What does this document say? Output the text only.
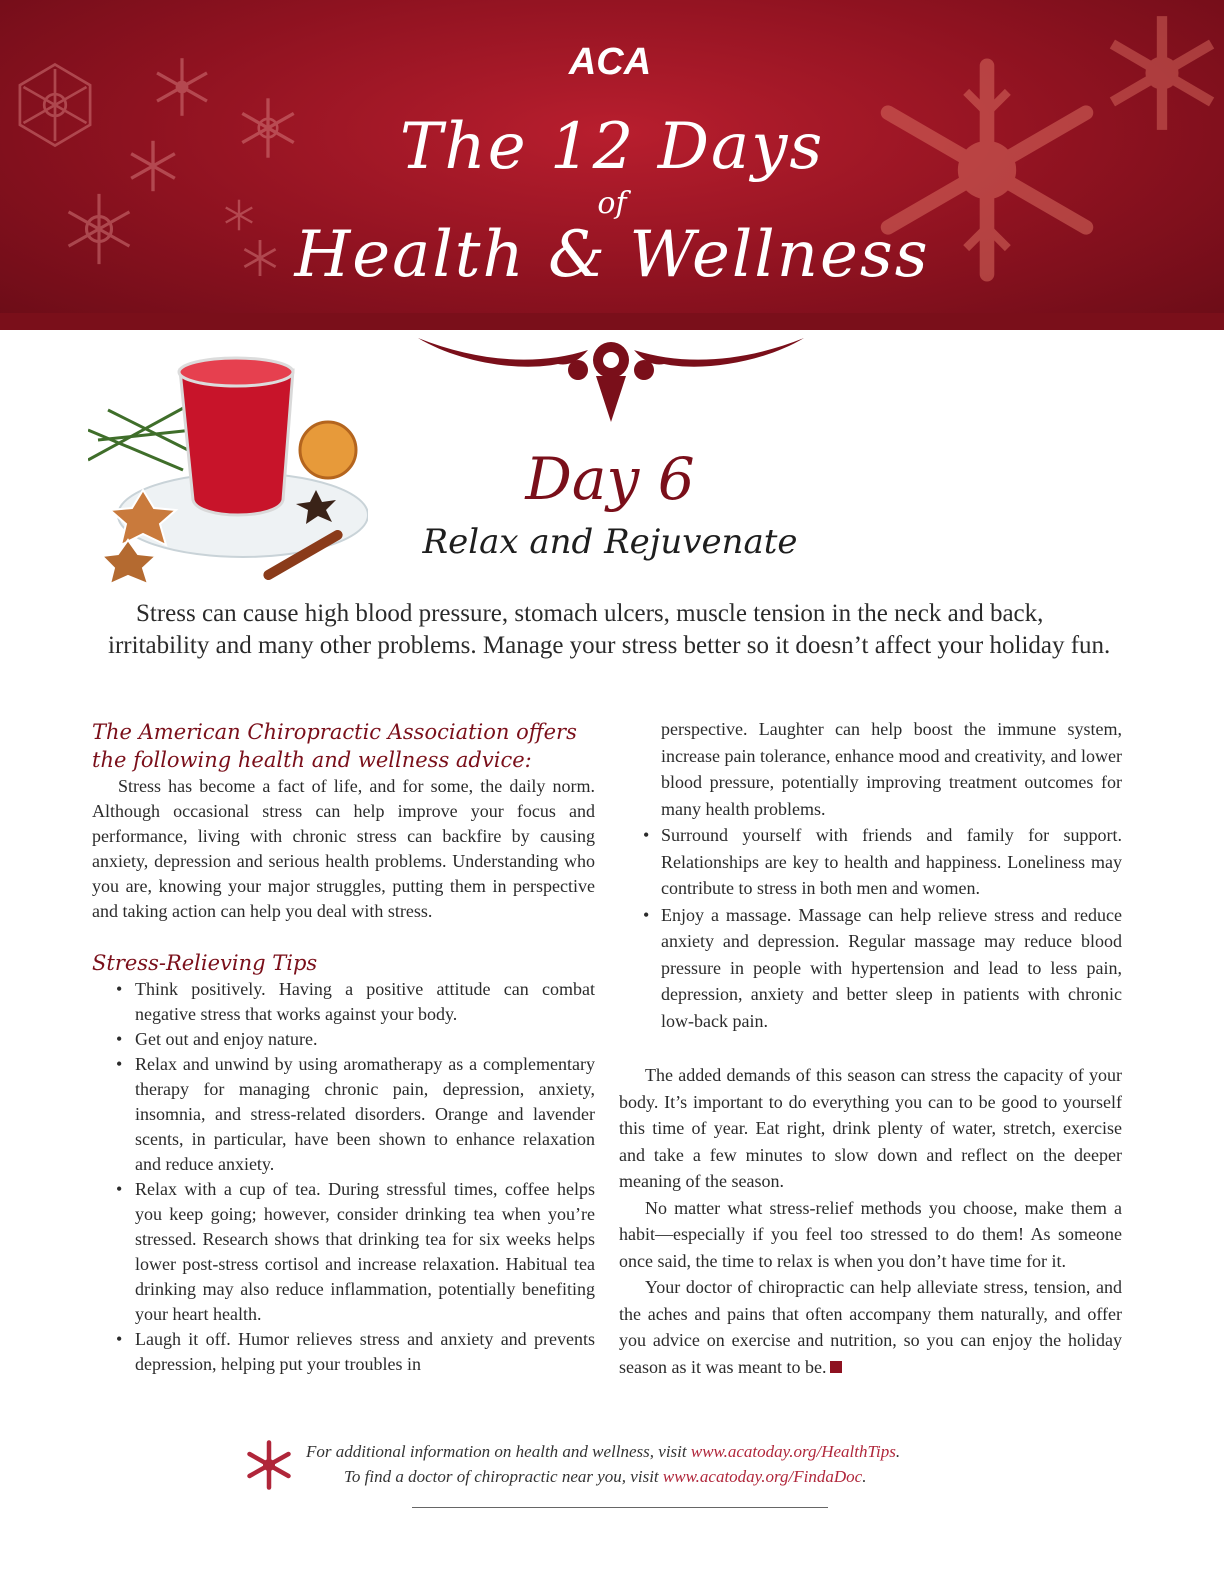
ACA
The 12 Days
of
Health & Wellness
Day 6
Relax and Rejuvenate
Stress can cause high blood pressure, stomach ulcers, muscle tension in the neck and back, irritability and many other problems. Manage your stress better so it doesn’t affect your holiday fun.
The American Chiropractic Association offers
the following health and wellness advice:
Stress has become a fact of life, and for some, the daily norm. Although occasional stress can help improve your focus and performance, living with chronic stress can backfire by causing anxiety, depression and serious health problems. Understanding who you are, knowing your major struggles, putting them in perspective and taking action can help you deal with stress.
Stress-Relieving Tips
• Think positively. Having a positive attitude can combat negative stress that works against your body.
• Get out and enjoy nature.
• Relax and unwind by using aromatherapy as a complementary therapy for managing chronic pain, depression, anxiety, insomnia, and stress-related disorders. Orange and lavender scents, in particular, have been shown to enhance relaxation and reduce anxiety.
• Relax with a cup of tea. During stressful times, coffee helps you keep going; however, consider drinking tea when you’re stressed. Research shows that drinking tea for six weeks helps lower post-stress cortisol and increase relaxation. Habitual tea drinking may also reduce inflammation, potentially benefiting your heart health.
• Laugh it off. Humor relieves stress and anxiety and prevents depression, helping put your troubles in
perspective. Laughter can help boost the immune system, increase pain tolerance, enhance mood and creativity, and lower blood pressure, potentially improving treatment outcomes for many health problems.
• Surround yourself with friends and family for support. Relationships are key to health and happiness. Loneliness may contribute to stress in both men and women.
• Enjoy a massage. Massage can help relieve stress and reduce anxiety and depression. Regular massage may reduce blood pressure in people with hypertension and lead to less pain, depression, anxiety and better sleep in patients with chronic low-back pain.
The added demands of this season can stress the capacity of your body. It’s important to do everything you can to be good to yourself this time of year. Eat right, drink plenty of water, stretch, exercise and take a few minutes to slow down and reflect on the deeper meaning of the season.
No matter what stress-relief methods you choose, make them a habit—especially if you feel too stressed to do them! As someone once said, the time to relax is when you don’t have time for it.
Your doctor of chiropractic can help alleviate stress, tension, and the aches and pains that often accompany them naturally, and offer you advice on exercise and nutrition, so you can enjoy the holiday season as it was meant to be.
For additional information on health and wellness, visit www.acatoday.org/HealthTips.
To find a doctor of chiropractic near you, visit www.acatoday.org/FindaDoc.
